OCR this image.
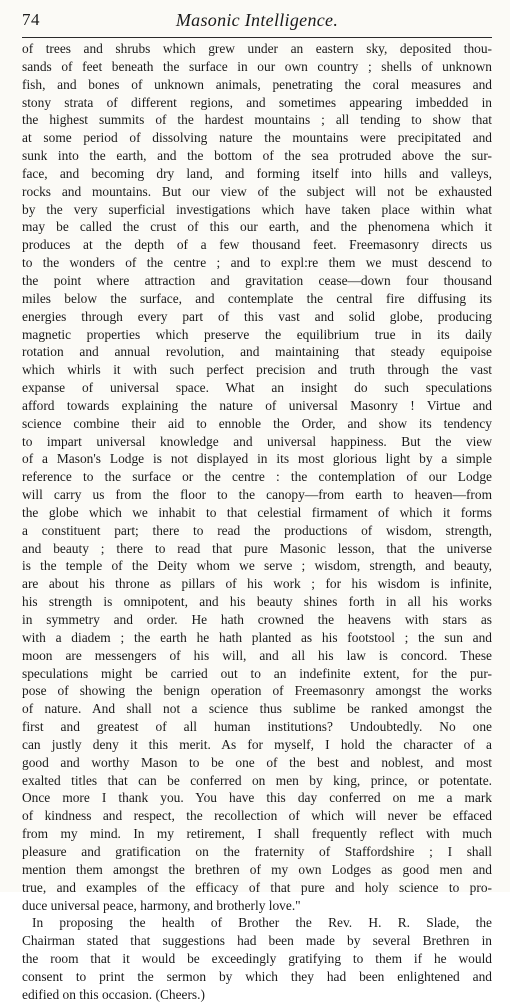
74	Masonic Intelligence.
of trees and shrubs which grew under an eastern sky, deposited thou-
sands of feet beneath the surface in our own country ; shells of unknown
fish, and bones of unknown animals, penetrating the coral measures and
stony strata of different regions, and sometimes appearing imbedded in
the highest summits of the hardest mountains ; all tending to show that
at some period of dissolving nature the mountains were precipitated and
sunk into the earth, and the bottom of the sea protruded above the sur-
face, and becoming dry land, and forming itself into hills and valleys,
rocks and mountains. But our view of the subject will not be exhausted
by the very superficial investigations which have taken place within what
may be called the crust of this our earth, and the phenomena which it
produces at the depth of a few thousand feet. Freemasonry directs us
to the wonders of the centre ; and to expl:re them we must descend to
the point where attraction and gravitation cease—down four thousand
miles below the surface, and contemplate the central fire diffusing its
energies through every part of this vast and solid globe, producing
magnetic properties which preserve the equilibrium true in its daily
rotation and annual revolution, and maintaining that steady equipoise
which whirls it with such perfect precision and truth through the vast
expanse of universal space. What an insight do such speculations
afford towards explaining the nature of universal Masonry ! Virtue and
science combine their aid to ennoble the Order, and show its tendency
to impart universal knowledge and universal happiness. But the view
of a Mason's Lodge is not displayed in its most glorious light by a simple
reference to the surface or the centre : the contemplation of our Lodge
will carry us from the floor to the canopy—from earth to heaven—from
the globe which we inhabit to that celestial firmament of which it forms
a constituent part; there to read the productions of wisdom, strength,
and beauty ; there to read that pure Masonic lesson, that the universe
is the temple of the Deity whom we serve ; wisdom, strength, and beauty,
are about his throne as pillars of his work ; for his wisdom is infinite,
his strength is omnipotent, and his beauty shines forth in all his works
in symmetry and order. He hath crowned the heavens with stars as
with a diadem ; the earth he hath planted as his footstool ; the sun and
moon are messengers of his will, and all his law is concord. These
speculations might be carried out to an indefinite extent, for the pur-
pose of showing the benign operation of Freemasonry amongst the works
of nature. And shall not a science thus sublime be ranked amongst the
first and greatest of all human institutions? Undoubtedly. No one
can justly deny it this merit. As for myself, I hold the character of a
good and worthy Mason to be one of the best and noblest, and most
exalted titles that can be conferred on men by king, prince, or potentate.
Once more I thank you. You have this day conferred on me a mark
of kindness and respect, the recollection of which will never be effaced
from my mind. In my retirement, I shall frequently reflect with much
pleasure and gratification on the fraternity of Staffordshire ; I shall
mention them amongst the brethren of my own Lodges as good men and
true, and examples of the efficacy of that pure and holy science to pro-
duce universal peace, harmony, and brotherly love."
In proposing the health of Brother the Rev. H. R. Slade, the
Chairman stated that suggestions had been made by several Brethren in
the room that it would be exceedingly gratifying to them if he would
consent to print the sermon by which they had been enlightened and
edified on this occasion. (Cheers.)
